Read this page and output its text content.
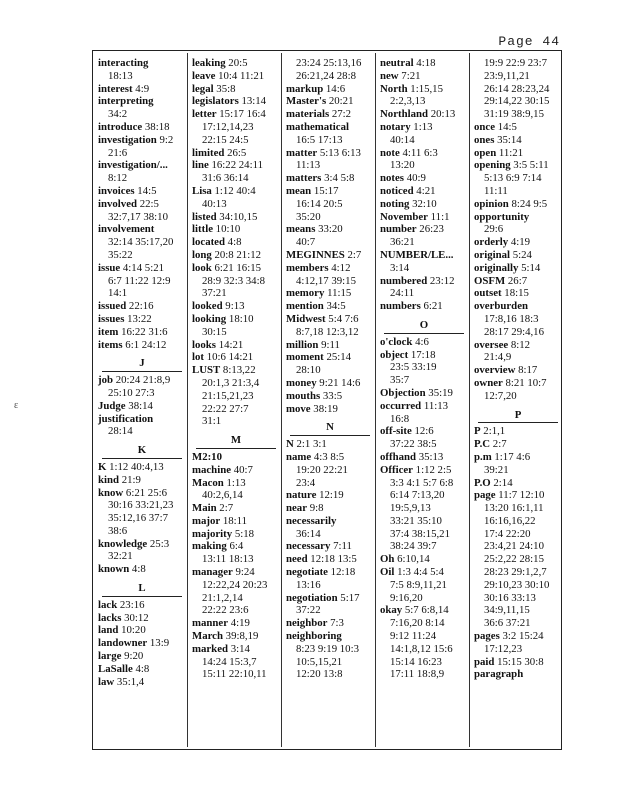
Page 44
ε
interacting
18:13
interest 4:9
interpreting
34:2
introduce 38:18
investigation 9:2
21:6
investigation/...
8:12
invoices 14:5
involved 22:5
32:7,17 38:10
involvement
32:14 35:17,20
35:22
issue 4:14 5:21
6:7 11:22 12:9
14:1
issued 22:16
issues 13:22
item 16:22 31:6
items 6:1 24:12
J
job 20:24 21:8,9
25:10 27:3
Judge 38:14
justification
28:14
K
K 1:12 40:4,13
kind 21:9
know 6:21 25:6
30:16 33:21,23
35:12,16 37:7
38:6
knowledge 25:3
32:21
known 4:8
L
lack 23:16
lacks 30:12
land 10:20
landowner 13:9
large 9:20
LaSalle 4:8
law 35:1,4
leaking 20:5
leave 10:4 11:21
legal 35:8
legislators 13:14
letter 15:17 16:4
17:12,14,23
22:15 24:5
limited 26:5
line 16:22 24:11
31:6 36:14
Lisa 1:12 40:4
40:13
listed 34:10,15
little 10:10
located 4:8
long 20:8 21:12
look 6:21 16:15
28:9 32:3 34:8
37:21
looked 9:13
looking 18:10
30:15
looks 14:21
lot 10:6 14:21
LUST 8:13,22
20:1,3 21:3,4
21:15,21,23
22:22 27:7
31:1
M
M2:10
machine 40:7
Macon 1:13
40:2,6,14
Main 2:7
major 18:11
majority 5:18
making 6:4
13:11 18:13
manager 9:24
12:22,24 20:23
21:1,2,14
22:22 23:6
manner 4:19
March 39:8,19
marked 3:14
14:24 15:3,7
15:11 22:10,11
23:24 25:13,16
26:21,24 28:8
markup 14:6
Master's 20:21
materials 27:2
mathematical
16:5 17:13
matter 5:13 6:13
11:13
matters 3:4 5:8
mean 15:17
16:14 20:5
35:20
means 33:20
40:7
MEGINNES 2:7
members 4:12
4:12,17 39:15
memory 11:15
mention 34:5
Midwest 5:4 7:6
8:7,18 12:3,12
million 9:11
moment 25:14
28:10
money 9:21 14:6
mouths 33:5
move 38:19
N
N 2:1 3:1
name 4:3 8:5
19:20 22:21
23:4
nature 12:19
near 9:8
necessarily
36:14
necessary 7:11
need 12:18 13:5
negotiate 12:18
13:16
negotiation 5:17
37:22
neighbor 7:3
neighboring
8:23 9:19 10:3
10:5,15,21
12:20 13:8
neutral 4:18
new 7:21
North 1:15,15
2:2,3,13
Northland 20:13
notary 1:13
40:14
note 4:11 6:3
13:20
notes 40:9
noticed 4:21
noting 32:10
November 11:1
number 26:23
36:21
NUMBER/LE...
3:14
numbered 23:12
24:11
numbers 6:21
O
o'clock 4:6
object 17:18
23:5 33:19
35:7
Objection 35:19
occurred 11:13
16:8
off-site 12:6
37:22 38:5
offhand 35:13
Officer 1:12 2:5
3:3 4:1 5:7 6:8
6:14 7:13,20
19:5,9,13
33:21 35:10
37:4 38:15,21
38:24 39:7
Oh 6:10,14
Oil 1:3 4:4 5:4
7:5 8:9,11,21
9:16,20
okay 5:7 6:8,14
7:16,20 8:14
9:12 11:24
14:1,8,12 15:6
15:14 16:23
17:11 18:8,9
19:9 22:9 23:7
23:9,11,21
26:14 28:23,24
29:14,22 30:15
31:19 38:9,15
once 14:5
ones 35:14
open 11:21
opening 3:5 5:11
5:13 6:9 7:14
11:11
opinion 8:24 9:5
opportunity
29:6
orderly 4:19
original 5:24
originally 5:14
OSFM 26:7
outset 18:15
overburden
17:8,16 18:3
28:17 29:4,16
oversee 8:12
21:4,9
overview 8:17
owner 8:21 10:7
12:7,20
P
P 2:1,1
P.C 2:7
p.m 1:17 4:6
39:21
P.O 2:14
page 11:7 12:10
13:20 16:1,11
16:16,16,22
17:4 22:20
23:4,21 24:10
25:2,22 28:15
28:23 29:1,2,7
29:10,23 30:10
30:16 33:13
34:9,11,15
36:6 37:21
pages 3:2 15:24
17:12,23
paid 15:15 30:8
paragraph
